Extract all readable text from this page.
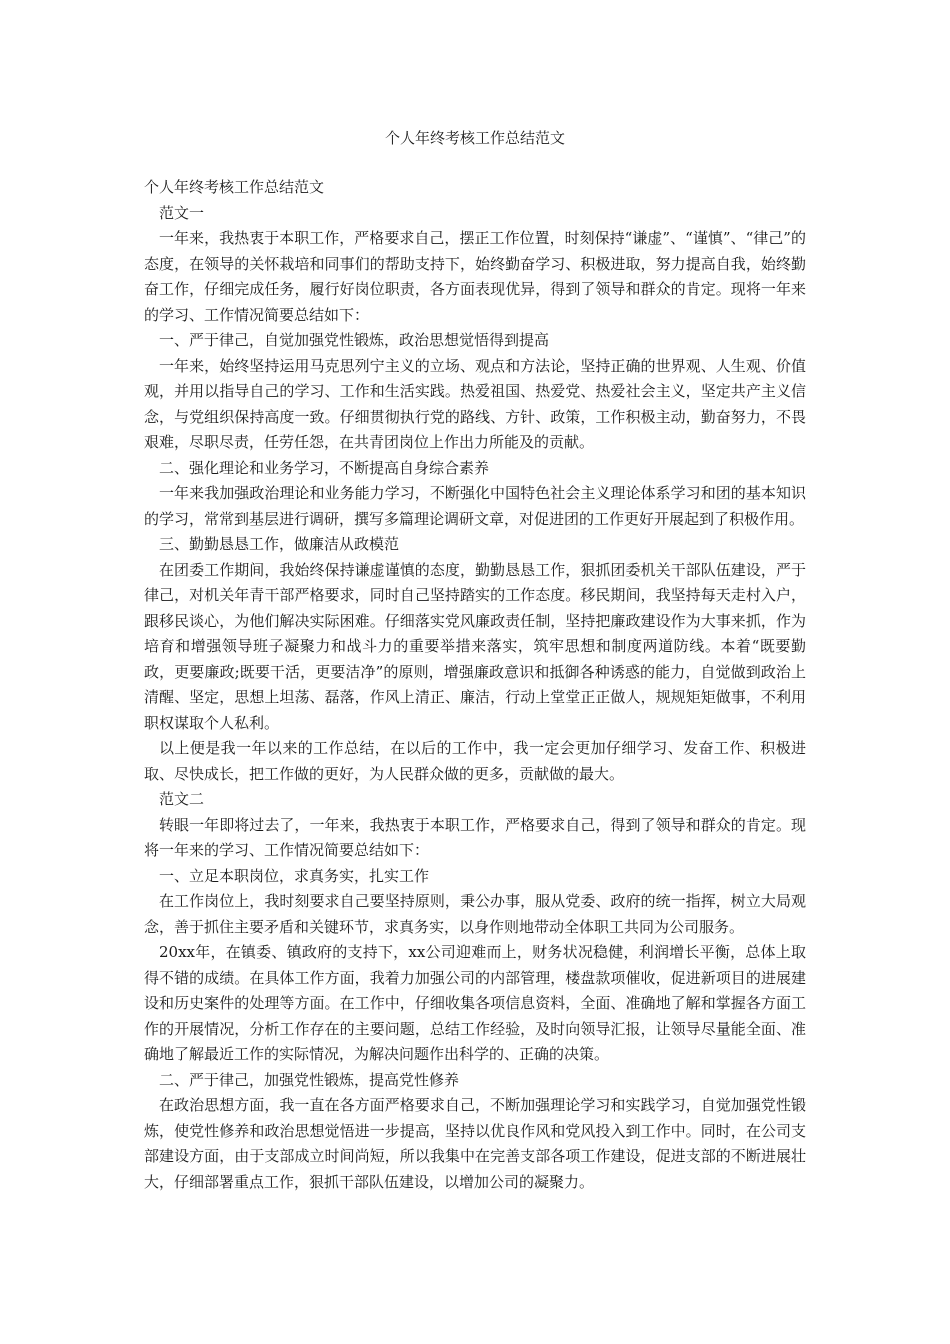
个人年终考核工作总结范文

个人年终考核工作总结范文

范文一

一年来，我热衷于本职工作，严格要求自己，摆正工作位置，时刻保持“谦虚”、“谨慎”、“律己”的态度，在领导的关怀栽培和同事们的帮助支持下，始终勤奋学习、积极进取，努力提高自我，始终勤奋工作，仔细完成任务，履行好岗位职责，各方面表现优异，得到了领导和群众的肯定。现将一年来的学习、工作情况简要总结如下：

一、严于律己，自觉加强党性锻炼，政治思想觉悟得到提高

一年来，始终坚持运用马克思列宁主义的立场、观点和方法论，坚持正确的世界观、人生观、价值观，并用以指导自己的学习、工作和生活实践。热爱祖国、热爱党、热爱社会主义，坚定共产主义信念，与党组织保持高度一致。仔细贯彻执行党的路线、方针、政策，工作积极主动，勤奋努力，不畏艰难，尽职尽责，任劳任怨，在共青团岗位上作出力所能及的贡献。

二、强化理论和业务学习，不断提高自身综合素养

一年来我加强政治理论和业务能力学习，不断强化中国特色社会主义理论体系学习和团的基本知识的学习，常常到基层进行调研，撰写多篇理论调研文章，对促进团的工作更好开展起到了积极作用。

三、勤勤恳恳工作，做廉洁从政模范

在团委工作期间，我始终保持谦虚谨慎的态度，勤勤恳恳工作，狠抓团委机关干部队伍建设，严于律己，对机关年青干部严格要求，同时自己坚持踏实的工作态度。移民期间，我坚持每天走村入户，跟移民谈心，为他们解决实际困难。仔细落实党风廉政责任制，坚持把廉政建设作为大事来抓，作为培育和增强领导班子凝聚力和战斗力的重要举措来落实，筑牢思想和制度两道防线。本着“既要勤政，更要廉政;既要干活，更要洁净”的原则，增强廉政意识和抵御各种诱惑的能力，自觉做到政治上清醒、坚定，思想上坦荡、磊落，作风上清正、廉洁，行动上堂堂正正做人，规规矩矩做事，不利用职权谋取个人私利。

以上便是我一年以来的工作总结，在以后的工作中，我一定会更加仔细学习、发奋工作、积极进取、尽快成长，把工作做的更好，为人民群众做的更多，贡献做的最大。

范文二

转眼一年即将过去了，一年来，我热衷于本职工作，严格要求自己，得到了领导和群众的肯定。现将一年来的学习、工作情况简要总结如下：

一、立足本职岗位，求真务实，扎实工作

在工作岗位上，我时刻要求自己要坚持原则，秉公办事，服从党委、政府的统一指挥，树立大局观念，善于抓住主要矛盾和关键环节，求真务实，以身作则地带动全体职工共同为公司服务。

20xx年，在镇委、镇政府的支持下，xx公司迎难而上，财务状况稳健，利润增长平衡，总体上取得不错的成绩。在具体工作方面，我着力加强公司的内部管理，楼盘款项催收，促进新项目的进展建设和历史案件的处理等方面。在工作中，仔细收集各项信息资料，全面、准确地了解和掌握各方面工作的开展情况，分析工作存在的主要问题，总结工作经验，及时向领导汇报，让领导尽量能全面、准确地了解最近工作的实际情况，为解决问题作出科学的、正确的决策。

二、严于律己，加强党性锻炼，提高党性修养

在政治思想方面，我一直在各方面严格要求自己，不断加强理论学习和实践学习，自觉加强党性锻炼，使党性修养和政治思想觉悟进一步提高，坚持以优良作风和党风投入到工作中。同时，在公司支部建设方面，由于支部成立时间尚短，所以我集中在完善支部各项工作建设，促进支部的不断进展壮大，仔细部署重点工作，狠抓干部队伍建设，以增加公司的凝聚力。
